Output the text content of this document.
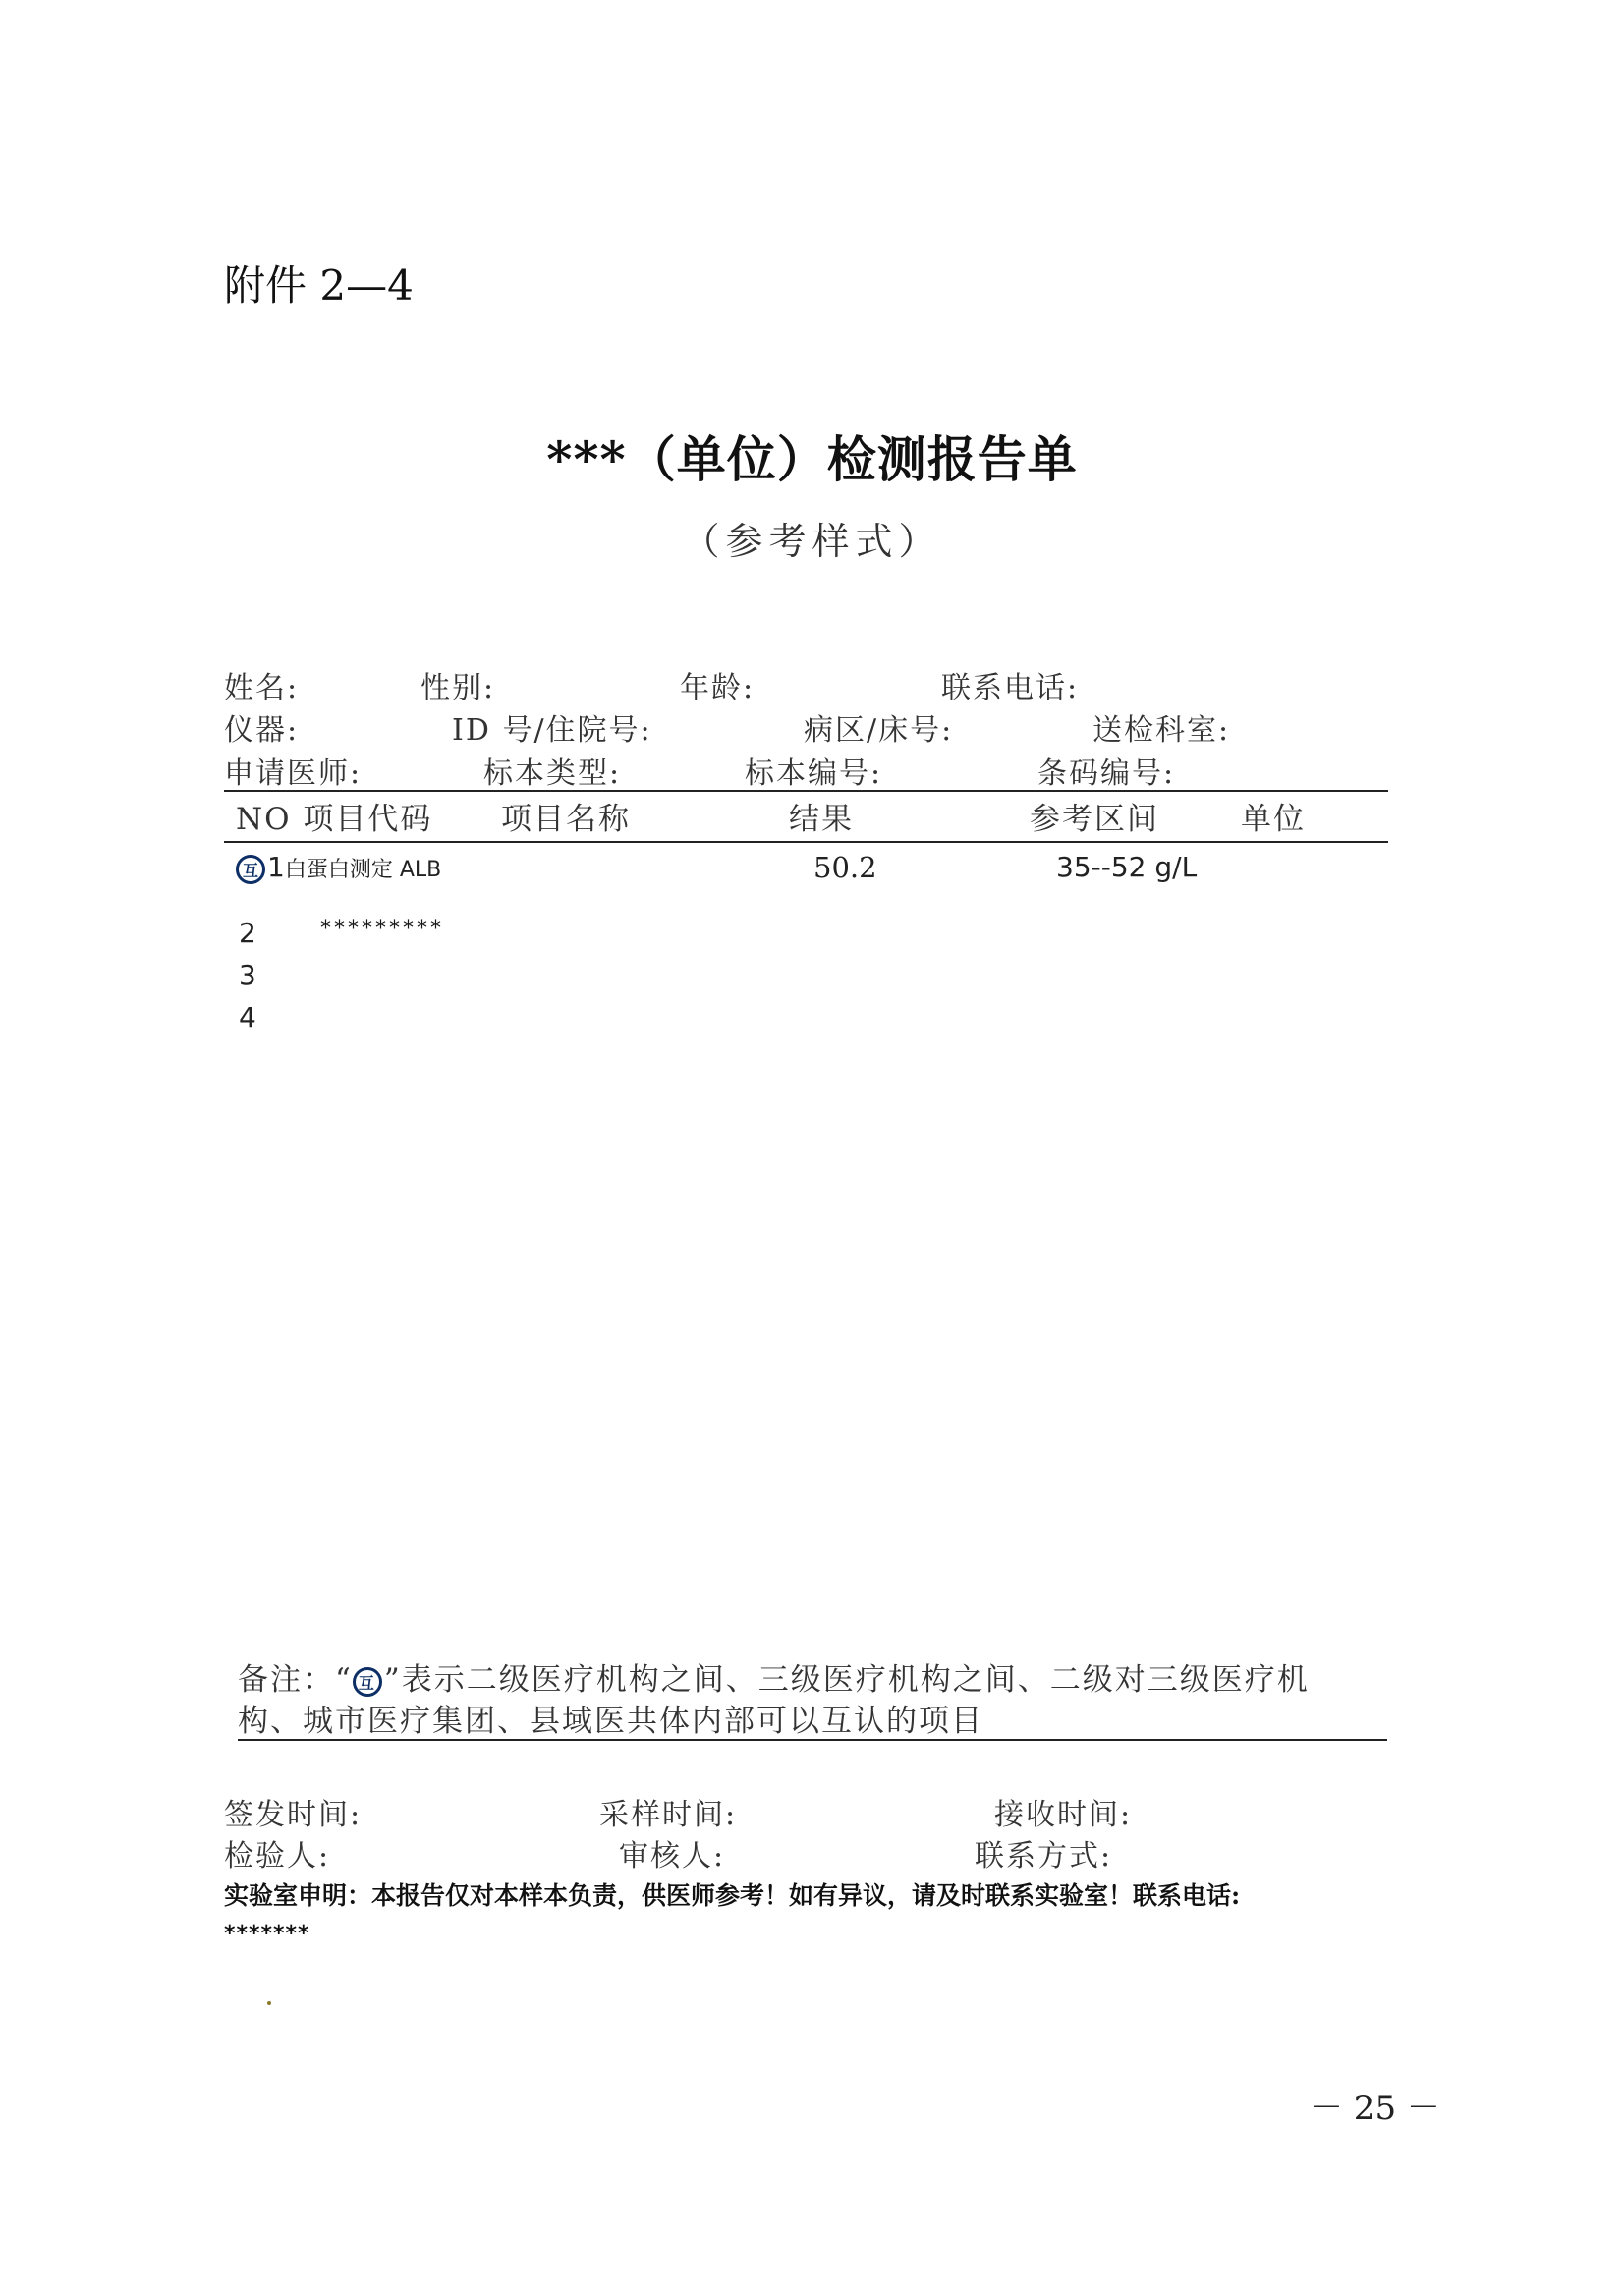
附件 2—4
***（单位）检测报告单
（参考样式）
姓名:	性别:	年龄:	联系电话:
仪器:	ID 号/住院号:	病区/床号:	送检科室:
申请医师:	标本类型:	标本编号:	条码编号:
NO 项目代码 项目名称	结果	参考区间	单位
互1白蛋白测定 ALB	50.2	35--52 g/L
2	*********
3
4
备注：“互 ”表示二级医疗机构之间、三级医疗机构之间、二级对三级医疗机
构、城市医疗集团、县域医共体内部可以互认的项目
签发时间:	采样时间:	接收时间:
检验人:	审核人:	联系方式:
实验室申明：本报告仅对本样本负责，供医师参考！如有异议，请及时联系实验室！联系电话:
*******
－ 25 －
